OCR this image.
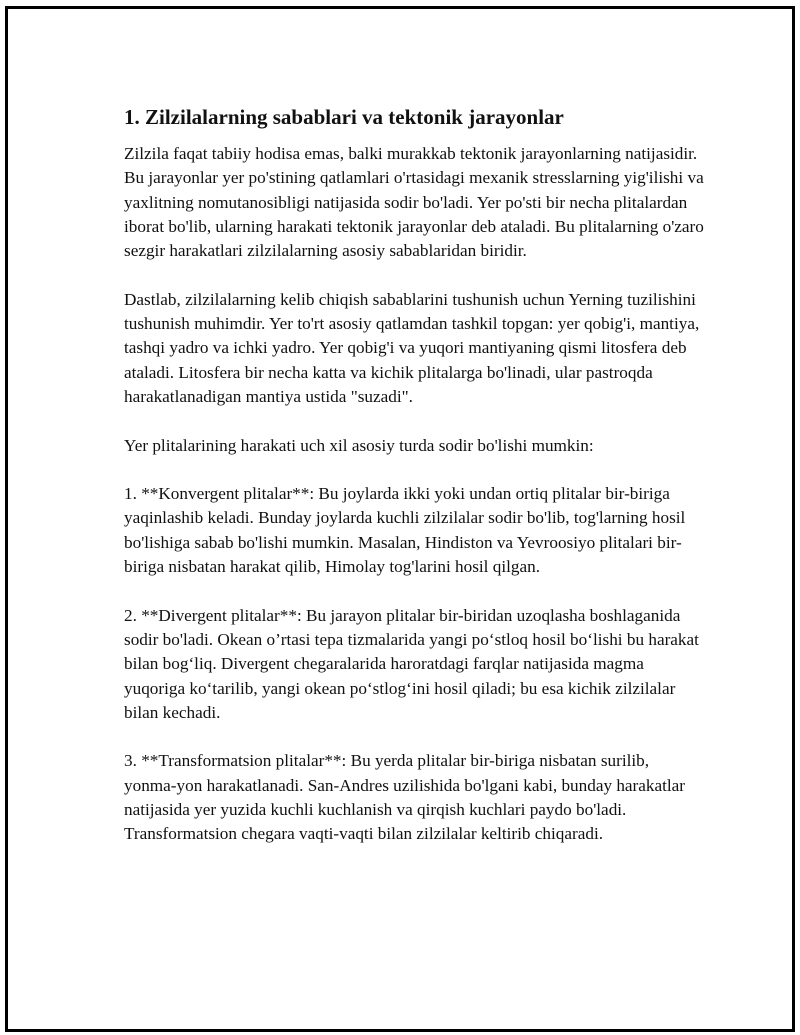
1. Zilzilalarning sabablari va tektonik jarayonlar

Zilzila faqat tabiiy hodisa emas, balki murakkab tektonik jarayonlarning natijasidir. Bu jarayonlar yer po'stining qatlamlari o'rtasidagi mexanik stresslarning yig'ilishi va yaxlitning nomutanosibligi natijasida sodir bo'ladi. Yer po'sti bir necha plitalardan iborat bo'lib, ularning harakati tektonik jarayonlar deb ataladi. Bu plitalarning o'zaro sezgir harakatlari zilzilalarning asosiy sabablaridan biridir.

Dastlab, zilzilalarning kelib chiqish sabablarini tushunish uchun Yerning tuzilishini tushunish muhimdir. Yer to'rt asosiy qatlamdan tashkil topgan: yer qobig'i, mantiya, tashqi yadro va ichki yadro. Yer qobig'i va yuqori mantiyaning qismi litosfera deb ataladi. Litosfera bir necha katta va kichik plitalarga bo'linadi, ular pastroqda harakatlanadigan mantiya ustida "suzadi".

Yer plitalarining harakati uch xil asosiy turda sodir bo'lishi mumkin:

1. **Konvergent plitalar**: Bu joylarda ikki yoki undan ortiq plitalar bir-biriga yaqinlashib keladi. Bunday joylarda kuchli zilzilalar sodir bo'lib, tog'larning hosil bo'lishiga sabab bo'lishi mumkin. Masalan, Hindiston va Yevroosiyo plitalari bir-biriga nisbatan harakat qilib, Himolay tog'larini hosil qilgan.

2. **Divergent plitalar**: Bu jarayon plitalar bir-biridan uzoqlasha boshlaganida sodir bo'ladi. Okean o’rtasi tepa tizmalarida yangi po‘stloq hosil bo‘lishi bu harakat bilan bog‘liq. Divergent chegaralarida haroratdagi farqlar natijasida magma yuqoriga ko‘tarilib, yangi okean po‘stlog‘ini hosil qiladi; bu esa kichik zilzilalar bilan kechadi.

3. **Transformatsion plitalar**: Bu yerda plitalar bir-biriga nisbatan surilib, yonma-yon harakatlanadi. San-Andres uzilishida bo'lgani kabi, bunday harakatlar natijasida yer yuzida kuchli kuchlanish va qirqish kuchlari paydo bo'ladi. Transformatsion chegara vaqti-vaqti bilan zilzilalar keltirib chiqaradi.
